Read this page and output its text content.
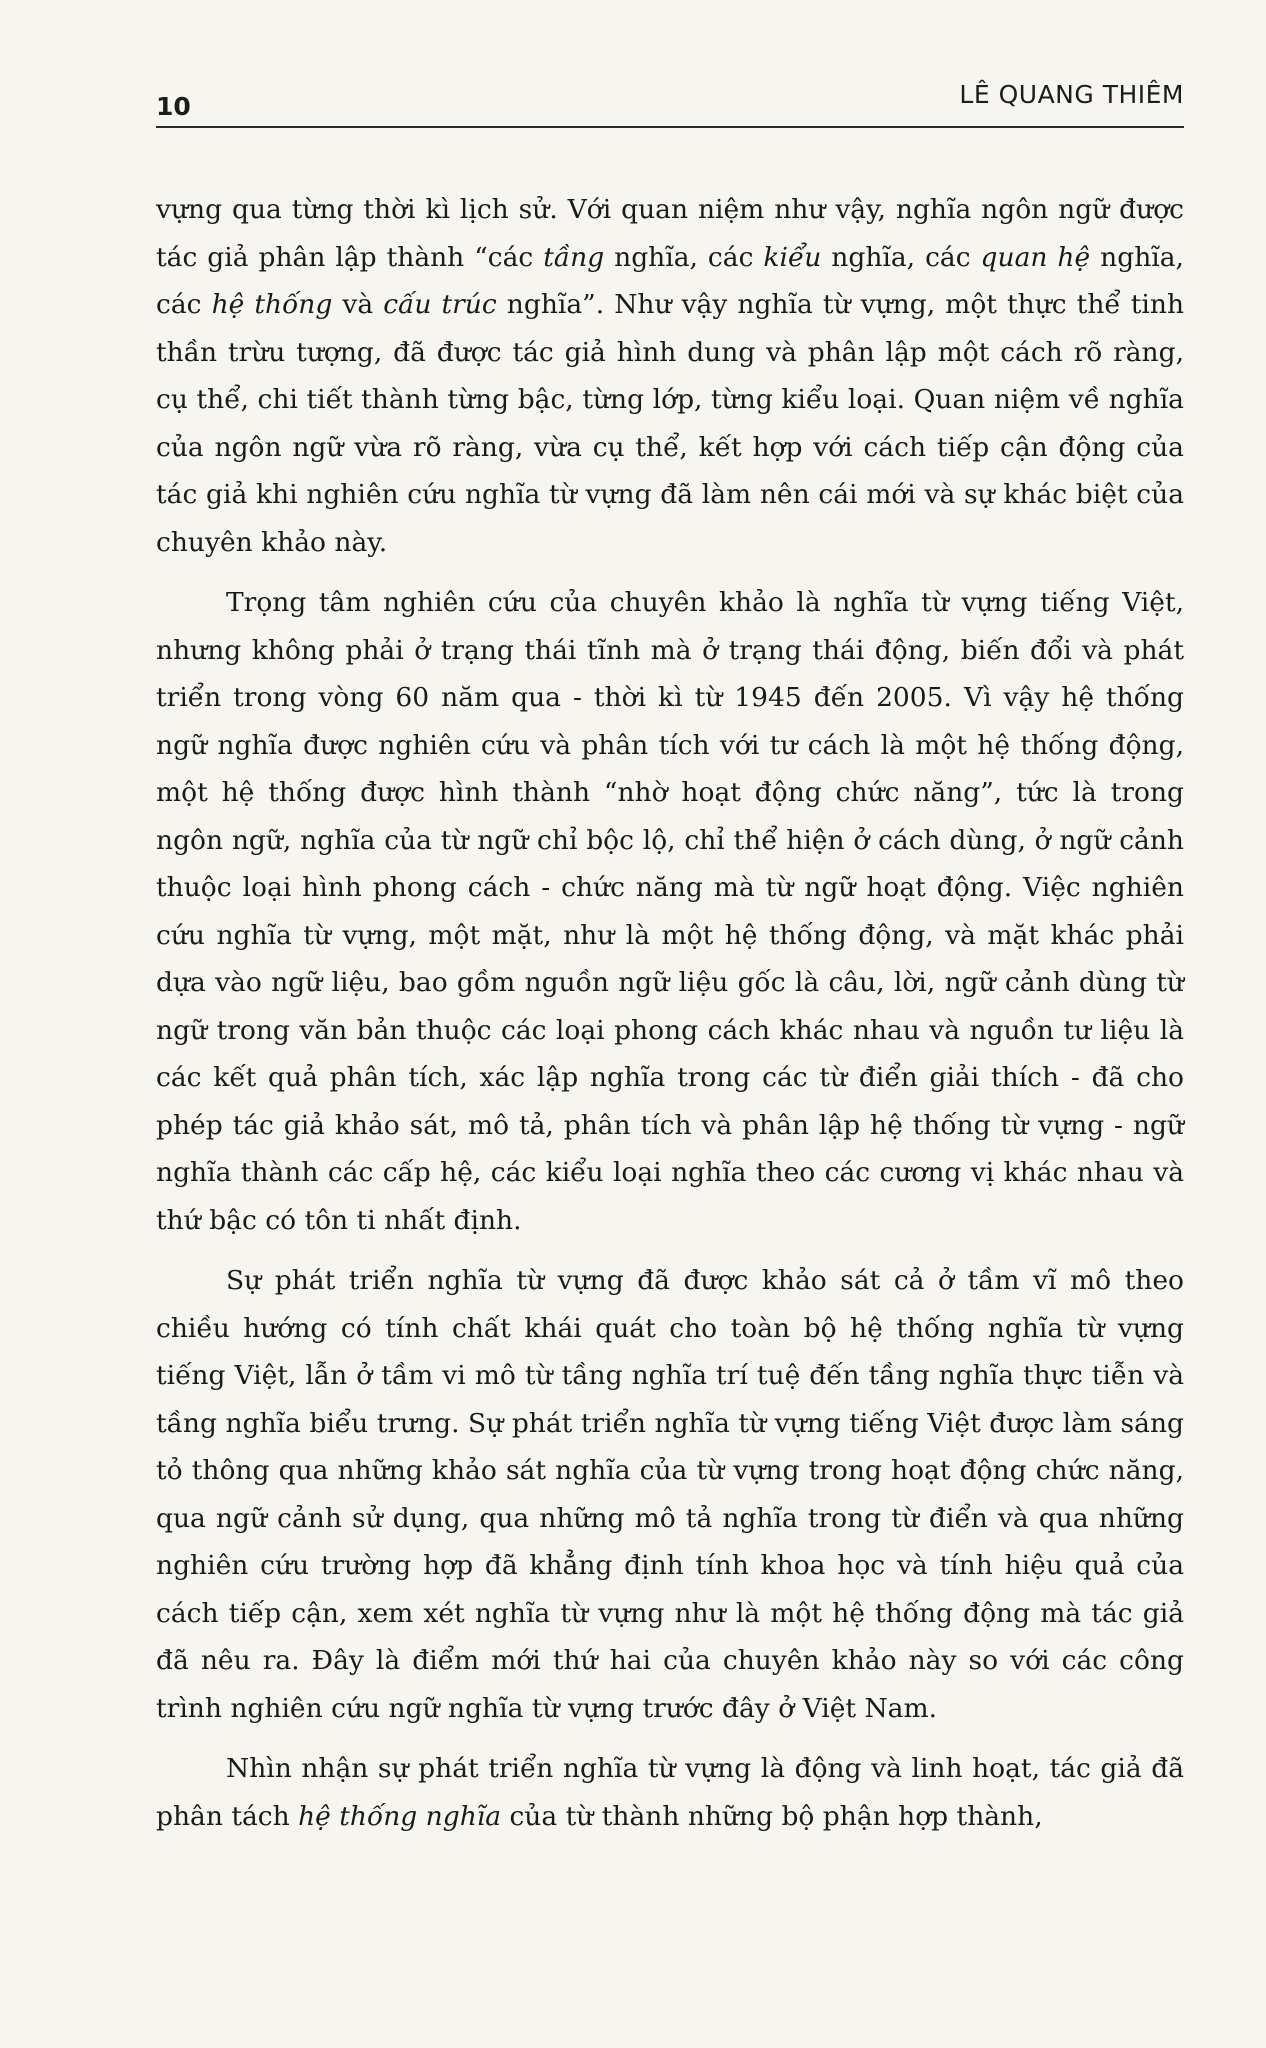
10	LÊ QUANG THIÊM

vựng qua từng thời kì lịch sử. Với quan niệm như vậy, nghĩa ngôn ngữ được tác giả phân lập thành “các tầng nghĩa, các kiểu nghĩa, các quan hệ nghĩa, các hệ thống và cấu trúc nghĩa”. Như vậy nghĩa từ vựng, một thực thể tinh thần trừu tượng, đã được tác giả hình dung và phân lập một cách rõ ràng, cụ thể, chi tiết thành từng bậc, từng lớp, từng kiểu loại. Quan niệm về nghĩa của ngôn ngữ vừa rõ ràng, vừa cụ thể, kết hợp với cách tiếp cận động của tác giả khi nghiên cứu nghĩa từ vựng đã làm nên cái mới và sự khác biệt của chuyên khảo này.

Trọng tâm nghiên cứu của chuyên khảo là nghĩa từ vựng tiếng Việt, nhưng không phải ở trạng thái tĩnh mà ở trạng thái động, biến đổi và phát triển trong vòng 60 năm qua - thời kì từ 1945 đến 2005. Vì vậy hệ thống ngữ nghĩa được nghiên cứu và phân tích với tư cách là một hệ thống động, một hệ thống được hình thành “nhờ hoạt động chức năng”, tức là trong ngôn ngữ, nghĩa của từ ngữ chỉ bộc lộ, chỉ thể hiện ở cách dùng, ở ngữ cảnh thuộc loại hình phong cách - chức năng mà từ ngữ hoạt động. Việc nghiên cứu nghĩa từ vựng, một mặt, như là một hệ thống động, và mặt khác phải dựa vào ngữ liệu, bao gồm nguồn ngữ liệu gốc là câu, lời, ngữ cảnh dùng từ ngữ trong văn bản thuộc các loại phong cách khác nhau và nguồn tư liệu là các kết quả phân tích, xác lập nghĩa trong các từ điển giải thích - đã cho phép tác giả khảo sát, mô tả, phân tích và phân lập hệ thống từ vựng - ngữ nghĩa thành các cấp hệ, các kiểu loại nghĩa theo các cương vị khác nhau và thứ bậc có tôn ti nhất định.

Sự phát triển nghĩa từ vựng đã được khảo sát cả ở tầm vĩ mô theo chiều hướng có tính chất khái quát cho toàn bộ hệ thống nghĩa từ vựng tiếng Việt, lẫn ở tầm vi mô từ tầng nghĩa trí tuệ đến tầng nghĩa thực tiễn và tầng nghĩa biểu trưng. Sự phát triển nghĩa từ vựng tiếng Việt được làm sáng tỏ thông qua những khảo sát nghĩa của từ vựng trong hoạt động chức năng, qua ngữ cảnh sử dụng, qua những mô tả nghĩa trong từ điển và qua những nghiên cứu trường hợp đã khẳng định tính khoa học và tính hiệu quả của cách tiếp cận, xem xét nghĩa từ vựng như là một hệ thống động mà tác giả đã nêu ra. Đây là điểm mới thứ hai của chuyên khảo này so với các công trình nghiên cứu ngữ nghĩa từ vựng trước đây ở Việt Nam.

Nhìn nhận sự phát triển nghĩa từ vựng là động và linh hoạt, tác giả đã phân tách hệ thống nghĩa của từ thành những bộ phận hợp thành,
